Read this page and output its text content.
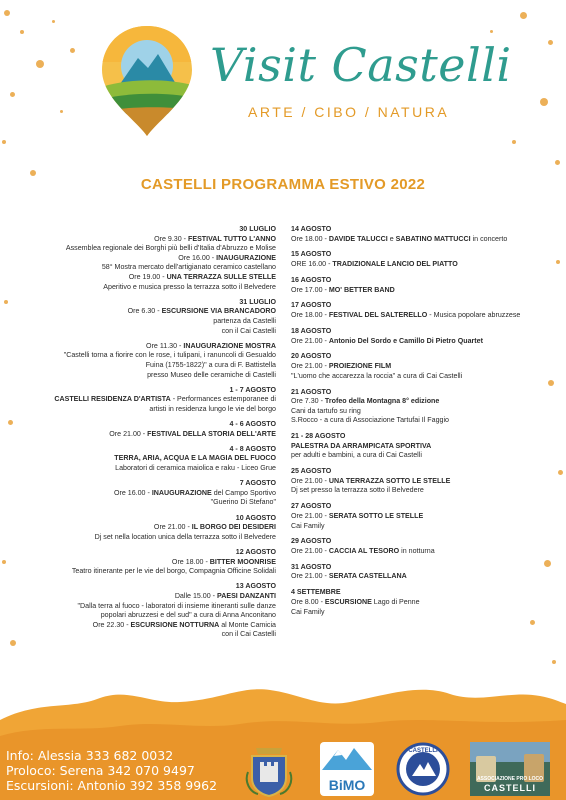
Visit Castelli
ARTE / CIBO / NATURA
CASTELLI PROGRAMMA ESTIVO 2022
30 LUGLIO
Ore 9.30 - FESTIVAL TUTTO L'ANNO
Assemblea regionale dei Borghi più belli d'Italia d'Abruzzo e Molise
Ore 16.00 - INAUGURAZIONE
58° Mostra mercato dell'artigianato ceramico castellano
Ore 19.00 - UNA TERRAZZA SULLE STELLE
Aperitivo e musica presso la terrazza sotto il Belvedere
31 LUGLIO
Ore 6.30 - ESCURSIONE VIA BRANCADORO
partenza da Castelli
con il Cai Castelli
Ore 11.30 - INAUGURAZIONE MOSTRA
"Castelli torna a fiorire con le rose, i tulipani, i ranuncoli di Gesualdo
Fuina (1755-1822)" a cura di F. Battistella
presso Museo delle ceramiche di Castelli
1 - 7 AGOSTO
CASTELLI RESIDENZA D'ARTISTA - Performances estemporanee di
artisti in residenza lungo le vie del borgo
4 - 6 AGOSTO
Ore 21.00 - FESTIVAL DELLA STORIA DELL'ARTE
4 - 8 AGOSTO
TERRA, ARIA, ACQUA E LA MAGIA DEL FUOCO
Laboratori di ceramica maiolica e raku - Liceo Grue
7 AGOSTO
Ore 16.00 - INAUGURAZIONE del Campo Sportivo
"Guerino Di Stefano"
10 AGOSTO
Ore 21.00 - IL BORGO DEI DESIDERI
Dj set nella location unica della terrazza sotto il Belvedere
12 AGOSTO
Ore 18.00 - BITTER MOONRISE
Teatro itinerante per le vie del borgo, Compagnia Officine Solidali
13 AGOSTO
Dalle 15.00 - PAESI DANZANTI
"Dalla terra al fuoco - laboratori di insieme itineranti sulle danze
popolari abruzzesi e del sud" a cura di Anna Anconitano
Ore 22.30 - ESCURSIONE NOTTURNA al Monte Camicia
con il Cai Castelli
14 AGOSTO
Ore 18.00 - DAVIDE TALUCCI e SABATINO MATTUCCI in concerto
15 AGOSTO
ORE 16.00 - TRADIZIONALE LANCIO DEL PIATTO
16 AGOSTO
Ore 17.00 - MO' BETTER BAND
17 AGOSTO
Ore 18.00 - FESTIVAL DEL SALTERELLO - Musica popolare abruzzese
18 AGOSTO
Ore 21.00 - Antonio Del Sordo e Camillo Di Pietro Quartet
20 AGOSTO
Ore 21.00 - PROIEZIONE FILM
"L'uomo che accarezza la roccia" a cura di Cai Castelli
21 AGOSTO
Ore 7.30 - Trofeo della Montagna 8° edizione
Cani da tartufo su ring
S.Rocco - a cura di Associazione Tartufai Il Faggio
21 - 28 AGOSTO
PALESTRA DA ARRAMPICATA SPORTIVA
per adulti e bambini, a cura di Cai Castelli
25 AGOSTO
Ore 21.00 - UNA TERRAZZA SOTTO LE STELLE
Dj set presso la terrazza sotto il Belvedere
27 AGOSTO
Ore 21.00 - SERATA SOTTO LE STELLE
Cai Family
29 AGOSTO
Ore 21.00 - CACCIA AL TESORO in notturna
31 AGOSTO
Ore 21.00 - SERATA CASTELLANA
4 SETTEMBRE
Ore 8.00 - ESCURSIONE Lago di Penne
Cai Family
Info: Alessia 333 682 0032
Proloco: Serena 342 070 9497
Escursioni: Antonio 392 358 9962	BiMO
CASTELLI
ASSOCIAZIONE PRO LOCO
CASTELLI
